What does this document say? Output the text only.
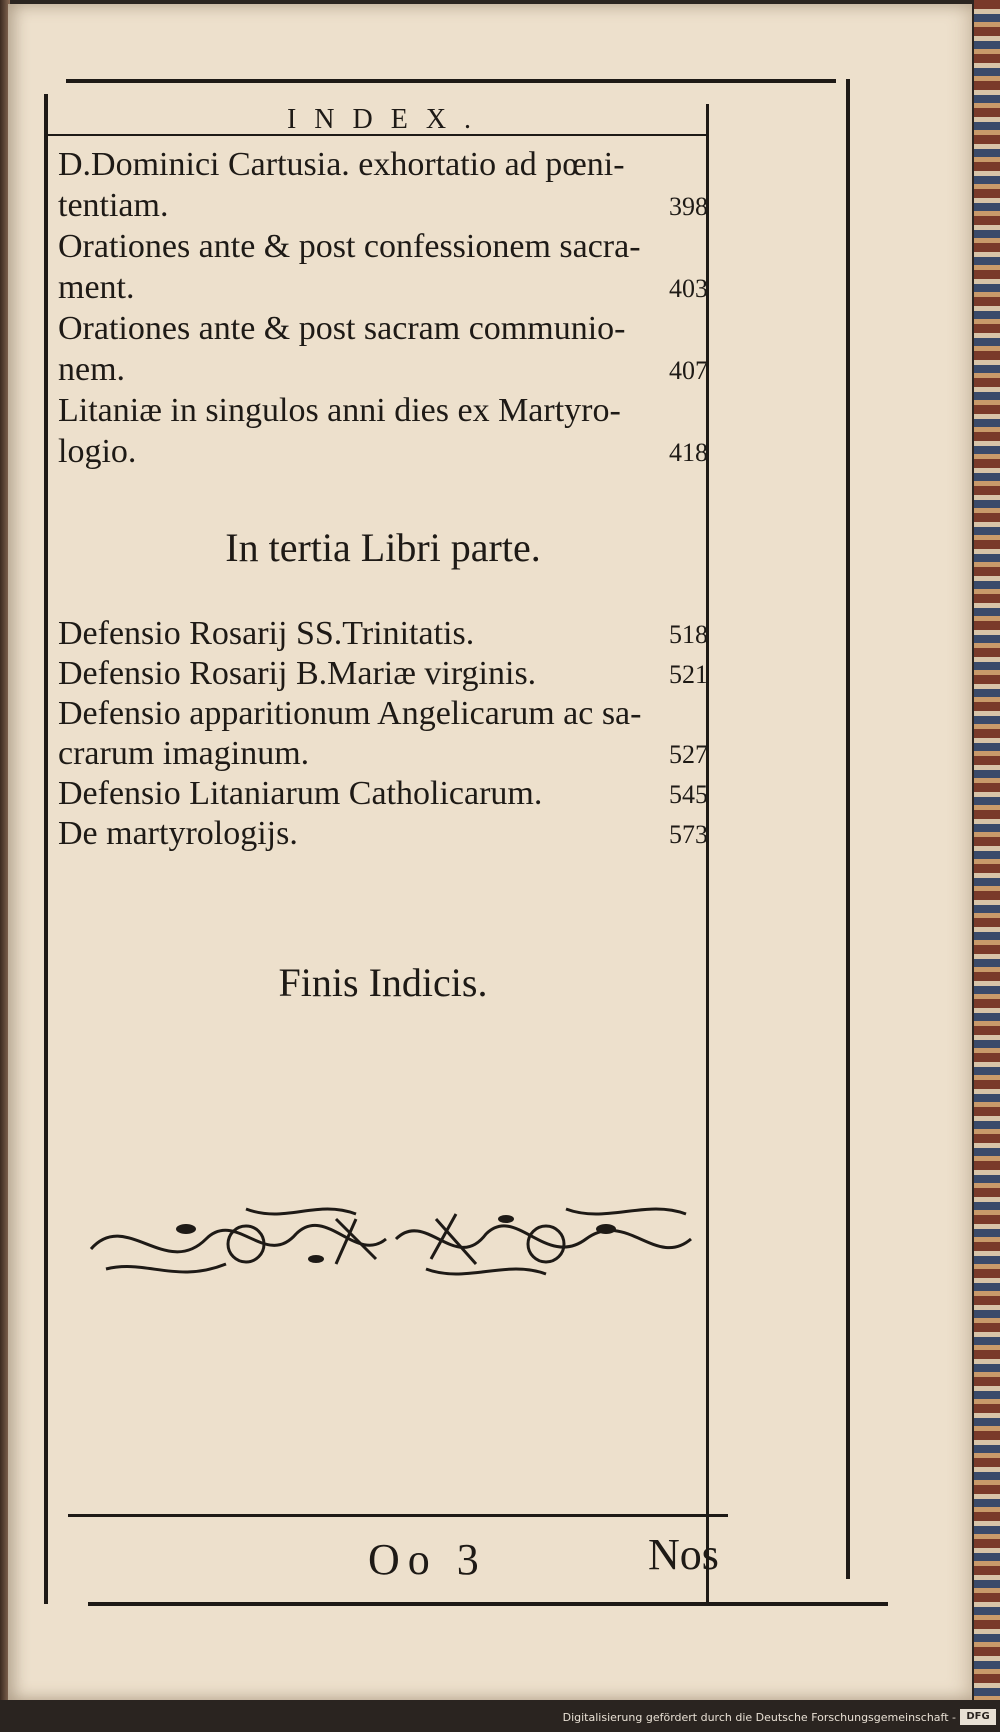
INDEX.
D.Dominici Cartusia. exhortatio ad pœni- tentiam.	398
Orationes ante & post confessionem sacra- ment.	403
Orationes ante & post sacram communio- nem.	407
Litaniæ in singulos anni dies ex Martyro- logio.	418
In tertia Libri parte.
Defensio Rosarij SS.Trinitatis.	518
Defensio Rosarij B.Mariæ virginis.	521
Defensio apparitionum Angelicarum ac sa- crarum imaginum.	527
Defensio Litaniarum Catholicarum.	545
De martyrologijs.	573
Finis Indicis.
Oo 3	Nos
Digitalisierung gefördert durch die Deutsche Forschungsgemeinschaft -	DFG
